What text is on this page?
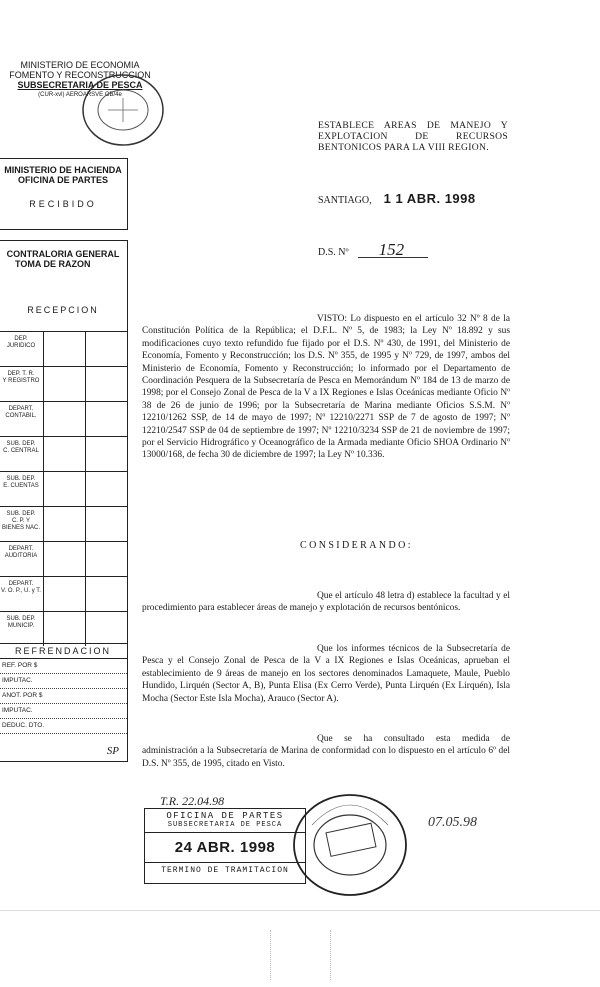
MINISTERIO DE ECONOMIA
FOMENTO Y RECONSTRUCCION
SUBSECRETARIA DE PESCA
(CUR-xvl) AEROARSVE OB/4e
MINISTERIO DE HACIENDA
OFICINA DE PARTES
RECIBIDO
CONTRALORIA GENERAL
TOMA DE RAZON
RECEPCION
DEP.
JURIDICO
DEP. T. R.
Y REGISTRO
DEPART.
CONTABIL.
SUB. DEP.
C. CENTRAL
SUB. DEP.
E. CUENTAS
SUB. DEP.
C. P. Y
BIENES NAC.
DEPART.
AUDITORIA
DEPART.
V. O. P., U. y T.
SUB. DEP.
MUNICIP.
REFRENDACION
REF. POR $
IMPUTAC.
ANOT. POR $
IMPUTAC.
DEDUC. DTO.
SP
ESTABLECE AREAS DE MANEJO Y EXPLOTACION DE RECURSOS BENTONICOS PARA LA VIII REGION.
SANTIAGO, 1 1 ABR. 1998
D.S. Nº 152
VISTO: Lo dispuesto en el artículo 32 Nº 8 de la Constitución Política de la República; el D.F.L. Nº 5, de 1983; la Ley Nº 18.892 y sus modificaciones cuyo texto refundido fue fijado por el D.S. Nº 430, de 1991, del Ministerio de Economía, Fomento y Reconstrucción; los D.S. Nº 355, de 1995 y Nº 729, de 1997, ambos del Ministerio de Economía, Fomento y Reconstrucción; lo informado por el Departamento de Coordinación Pesquera de la Subsecretaría de Pesca en Memorándum Nº 184 de 13 de marzo de 1998; por el Consejo Zonal de Pesca de la V a IX Regiones e Islas Oceánicas mediante Oficio Nº 38 de 26 de junio de 1996; por la Subsecretaría de Marina mediante Oficios S.S.M. Nº 12210/1262 SSP, de 14 de mayo de 1997; Nº 12210/2271 SSP de 7 de agosto de 1997; Nº 12210/2547 SSP de 04 de septiembre de 1997; Nº 12210/3234 SSP de 21 de noviembre de 1997; por el Servicio Hidrográfico y Oceanográfico de la Armada mediante Oficio SHOA Ordinario Nº 13000/168, de fecha 30 de diciembre de 1997; la Ley Nº 10.336.
CONSIDERANDO:
Que el artículo 48 letra d) establece la facultad y el procedimiento para establecer áreas de manejo y explotación de recursos bentónicos.
Que los informes técnicos de la Subsecretaría de Pesca y el Consejo Zonal de Pesca de la V a IX Regiones e Islas Oceánicas, aprueban el establecimiento de 9 áreas de manejo en los sectores denominados Lamaquete, Maule, Pueblo Hundido, Lirquén (Sector A, B), Punta Elisa (Ex Cerro Verde), Punta Lirquén (Ex Lirquén), Isla Mocha (Sector Este Isla Mocha), Arauco (Sector A).
Que se ha consultado esta medida de administración a la Subsecretaría de Marina de conformidad con lo dispuesto en el artículo 6º del D.S. Nº 355, de 1995, citado en Visto.
T.R. 22.04.98
OFICINA DE PARTES
SUBSECRETARIA DE PESCA
24 ABR. 1998
TERMINO DE TRAMITACION
07.05.98
